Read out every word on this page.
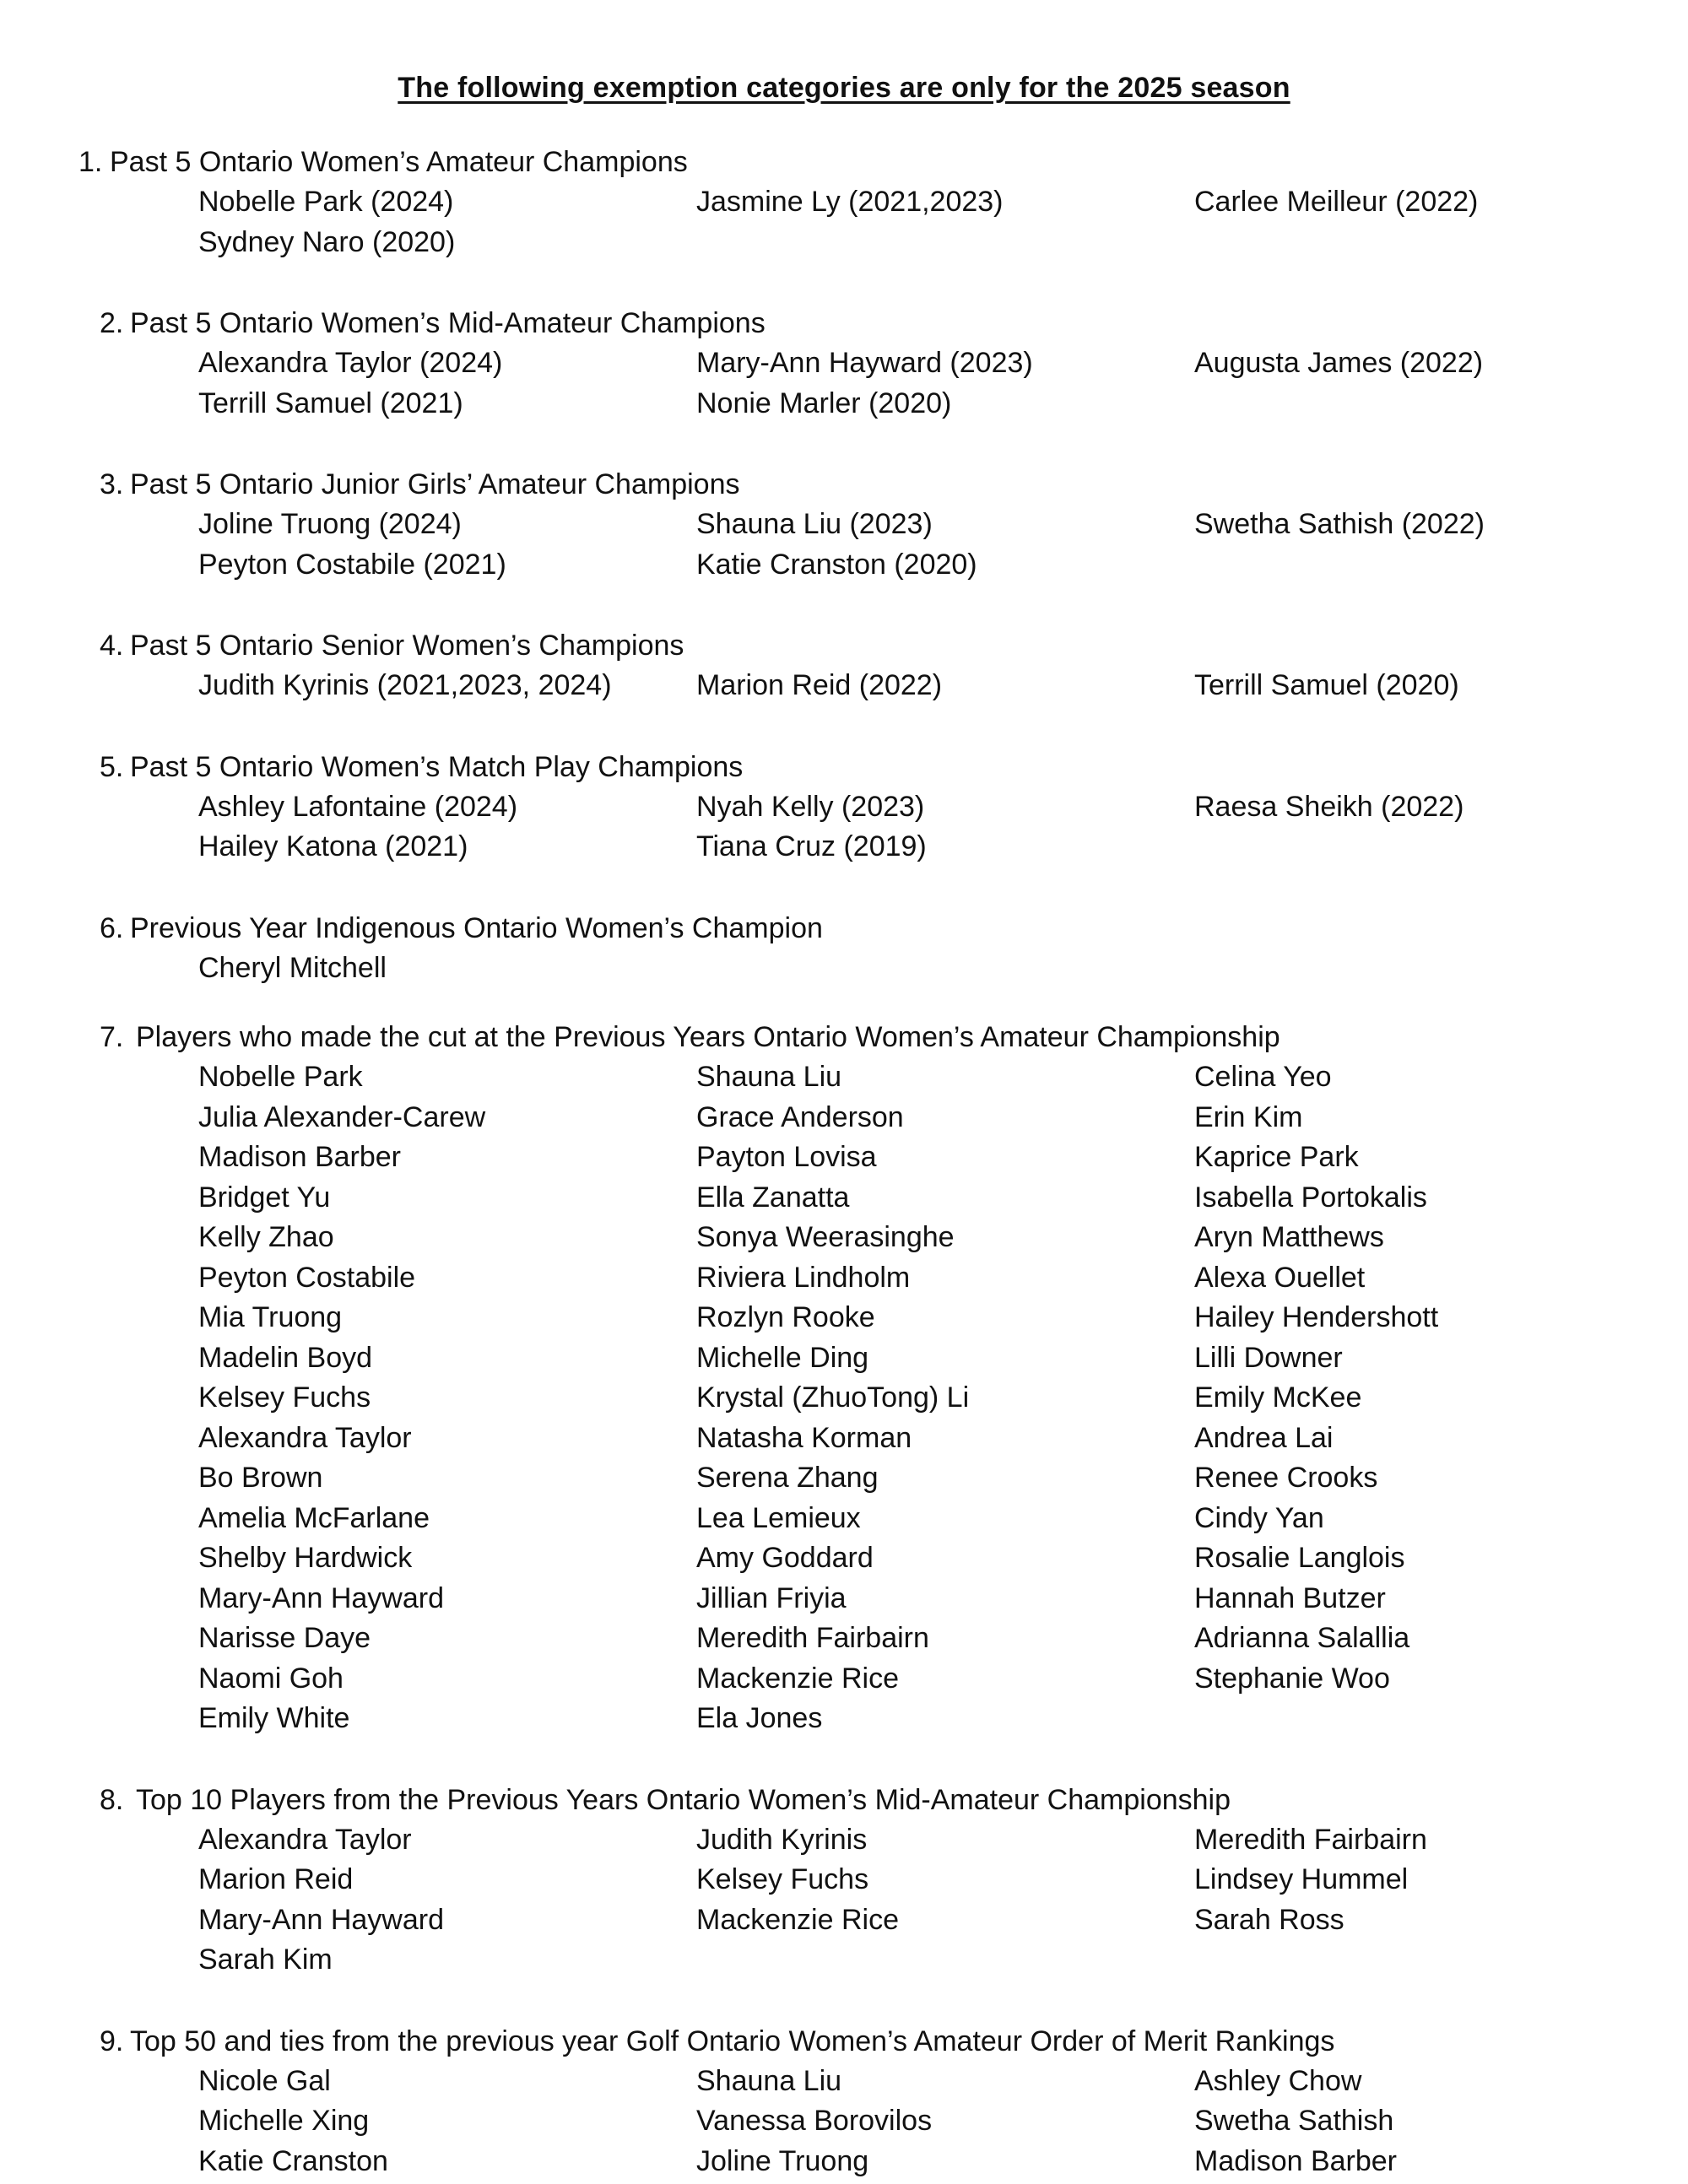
The following exemption categories are only for the 2025 season
1. Past 5 Ontario Women’s Amateur Champions
Nobelle Park (2024)	Jasmine Ly (2021,2023)	Carlee Meilleur (2022)
Sydney Naro (2020)
2. Past 5 Ontario Women’s Mid-Amateur Champions
Alexandra Taylor (2024)	Mary-Ann Hayward (2023)	Augusta James (2022)
Terrill Samuel (2021)	Nonie Marler (2020)
3. Past 5 Ontario Junior Girls’ Amateur Champions
Joline Truong (2024)	Shauna Liu (2023)	Swetha Sathish (2022)
Peyton Costabile (2021)	Katie Cranston (2020)
4. Past 5 Ontario Senior Women’s Champions
Judith Kyrinis (2021,2023, 2024)	Marion Reid (2022)	Terrill Samuel (2020)
5. Past 5 Ontario Women’s Match Play Champions
Ashley Lafontaine (2024)	Nyah Kelly (2023)	Raesa Sheikh (2022)
Hailey Katona (2021)	Tiana Cruz (2019)
6. Previous Year Indigenous Ontario Women’s Champion
Cheryl Mitchell
7. Players who made the cut at the Previous Years Ontario Women’s Amateur Championship
Nobelle Park	Shauna Liu	Celina Yeo
Julia Alexander-Carew	Grace Anderson	Erin Kim
Madison Barber	Payton Lovisa	Kaprice Park
Bridget Yu	Ella Zanatta	Isabella Portokalis
Kelly Zhao	Sonya Weerasinghe	Aryn Matthews
Peyton Costabile	Riviera Lindholm	Alexa Ouellet
Mia Truong	Rozlyn Rooke	Hailey Hendershott
Madelin Boyd	Michelle Ding	Lilli Downer
Kelsey Fuchs	Krystal (ZhuoTong) Li	Emily McKee
Alexandra Taylor	Natasha Korman	Andrea Lai
Bo Brown	Serena Zhang	Renee Crooks
Amelia McFarlane	Lea Lemieux	Cindy Yan
Shelby Hardwick	Amy Goddard	Rosalie Langlois
Mary-Ann Hayward	Jillian Friyia	Hannah Butzer
Narisse Daye	Meredith Fairbairn	Adrianna Salallia
Naomi Goh	Mackenzie Rice	Stephanie Woo
Emily White	Ela Jones
8. Top 10 Players from the Previous Years Ontario Women’s Mid-Amateur Championship
Alexandra Taylor	Judith Kyrinis	Meredith Fairbairn
Marion Reid	Kelsey Fuchs	Lindsey Hummel
Mary-Ann Hayward	Mackenzie Rice	Sarah Ross
Sarah Kim
9. Top 50 and ties from the previous year Golf Ontario Women’s Amateur Order of Merit Rankings
Nicole Gal	Shauna Liu	Ashley Chow
Michelle Xing	Vanessa Borovilos	Swetha Sathish
Katie Cranston	Joline Truong	Madison Barber
